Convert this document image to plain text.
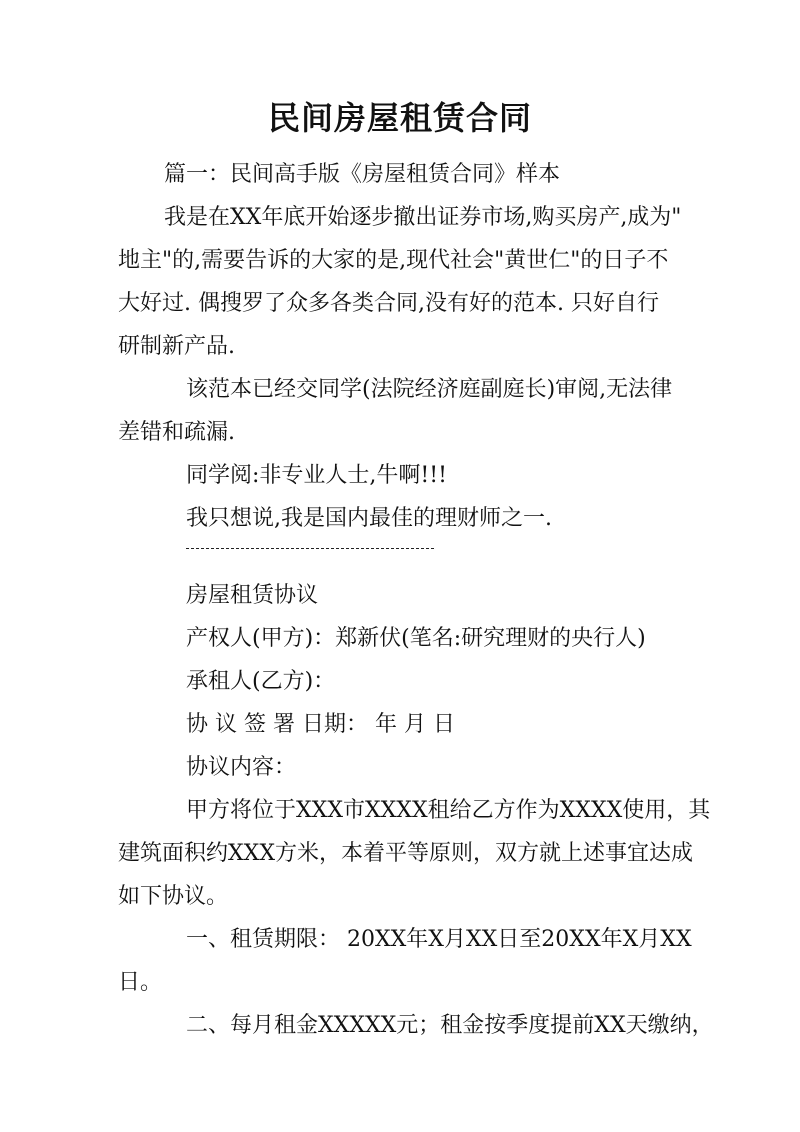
民间房屋租赁合同
篇一：民间高手版《房屋租赁合同》样本
我是在XX年底开始逐步撤出证券市场,购买房产,成为"
地主"的,需要告诉的大家的是,现代社会"黄世仁"的日子不
大好过. 偶搜罗了众多各类合同,没有好的范本. 只好自行
研制新产品.
该范本已经交同学(法院经济庭副庭长)审阅,无法律
差错和疏漏.
同学阅:非专业人士,牛啊!!!
我只想说,我是国内最佳的理财师之一.
房屋租赁协议
产权人(甲方)：郑新伏(笔名:研究理财的央行人)
承租人(乙方)：
协 议 签 署 日期： 年 月 日
协议内容：
甲方将位于XXX市XXXX租给乙方作为XXXX使用，其
建筑面积约XXX方米，本着平等原则，双方就上述事宜达成
如下协议。
一、租赁期限： 20XX年X月XX日至20XX年X月XX
日。
二、每月租金XXXXX元；租金按季度提前XX天缴纳，
